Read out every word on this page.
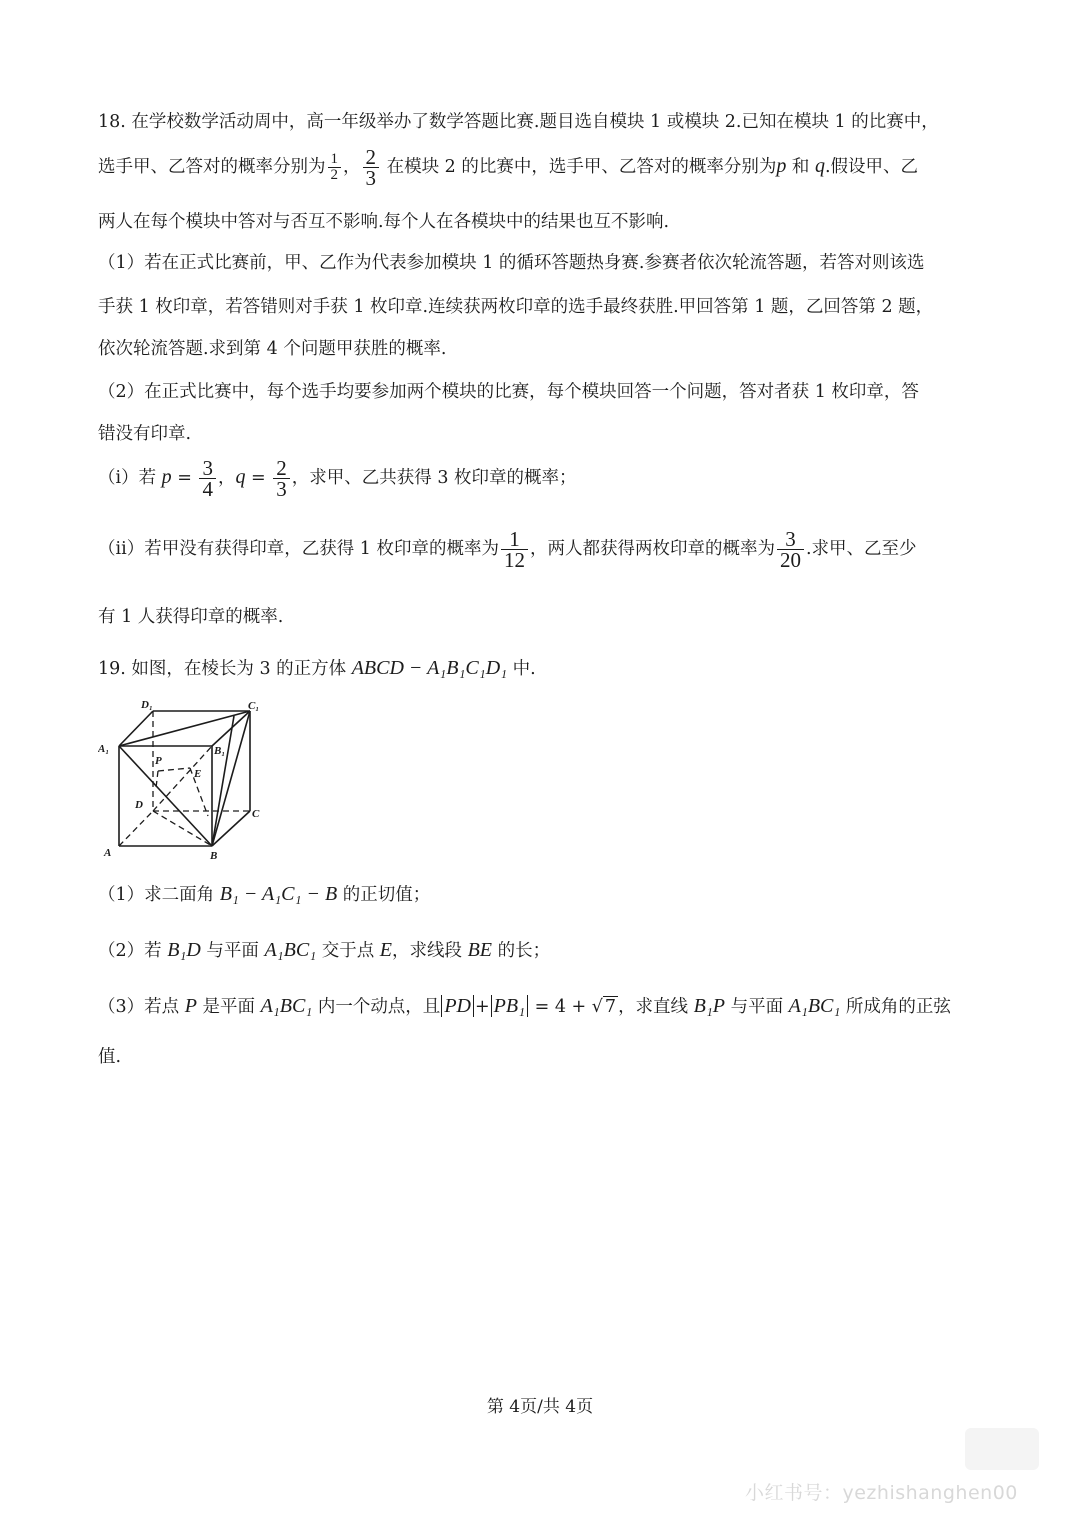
18. 在学校数学活动周中，高一年级举办了数学答题比赛.题目选自模块 1 或模块 2.已知在模块 1 的比赛中，
选手甲、乙答对的概率分别为 $\frac{1}{2}$ ， $\frac{2}{3}$ 在模块 2 的比赛中，选手甲、乙答对的概率分别为p 和 q.假设甲、乙
两人在每个模块中答对与否互不影响.每个人在各模块中的结果也互不影响.
（1）若在正式比赛前，甲、乙作为代表参加模块 1 的循环答题热身赛.参赛者依次轮流答题，若答对则该选
手获 1 枚印章，若答错则对手获 1 枚印章.连续获两枚印章的选手最终获胜.甲回答第 1 题，乙回答第 2 题，
依次轮流答题.求到第 4 个问题甲获胜的概率.
（2）在正式比赛中，每个选手均要参加两个模块的比赛，每个模块回答一个问题，答对者获 1 枚印章，答
错没有印章.
（i）若 $p = \frac{3}{4}$ ，$q = \frac{2}{3}$ ，求甲、乙共获得 3 枚印章的概率；
（ii）若甲没有获得印章，乙获得 1 枚印章的概率为 $\frac{1}{12}$ ，两人都获得两枚印章的概率为 $\frac{3}{20}$ .求甲、乙至少
有 1 人获得印章的概率.
19. 如图，在棱长为 3 的正方体 ABCD − A₁B₁C₁D₁ 中.
D₁	C₁
A₁	B₁
P
E
D
C
A	B
（1）求二面角 B₁ − A₁C₁ − B 的正切值；
（2）若 B₁D 与平面 A₁BC₁ 交于点 E，求线段 BE 的长；
（3）若点 P 是平面 A₁BC₁ 内一个动点，且 PD + PB₁ = 4 + √ 7 ，求直线 B₁P 与平面 A₁BC₁ 所成角的正弦
值.
第 4页/共 4页
小红书号：yezhishanghen00
